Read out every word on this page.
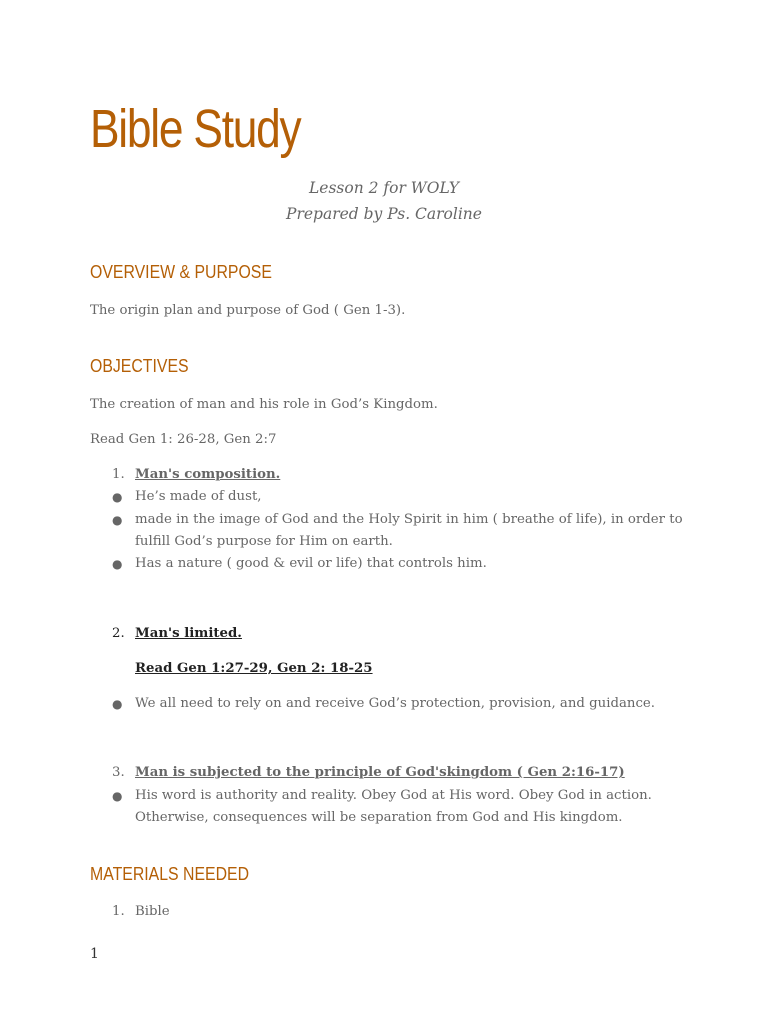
Bible Study
Lesson 2 for WOLY
Prepared by Ps. Caroline
OVERVIEW & PURPOSE
The origin plan and purpose of God ( Gen 1-3).
OBJECTIVES
The creation of man and his role in God’s Kingdom.
Read Gen 1: 26-28, Gen 2:7
1. Man's composition.
● He’s made of dust,
● made in the image of God and the Holy Spirit in him ( breathe of life), in order to
fulfill God’s purpose for Him on earth.
● Has a nature ( good & evil or life) that controls him.
2. Man's limited.
Read Gen 1:27-29, Gen 2: 18-25
● We all need to rely on and receive God’s protection, provision, and guidance.
3. Man is subjected to the principle of God'skingdom ( Gen 2:16-17)
● His word is authority and reality. Obey God at His word. Obey God in action.
Otherwise, consequences will be separation from God and His kingdom.
MATERIALS NEEDED
1. Bible
1
